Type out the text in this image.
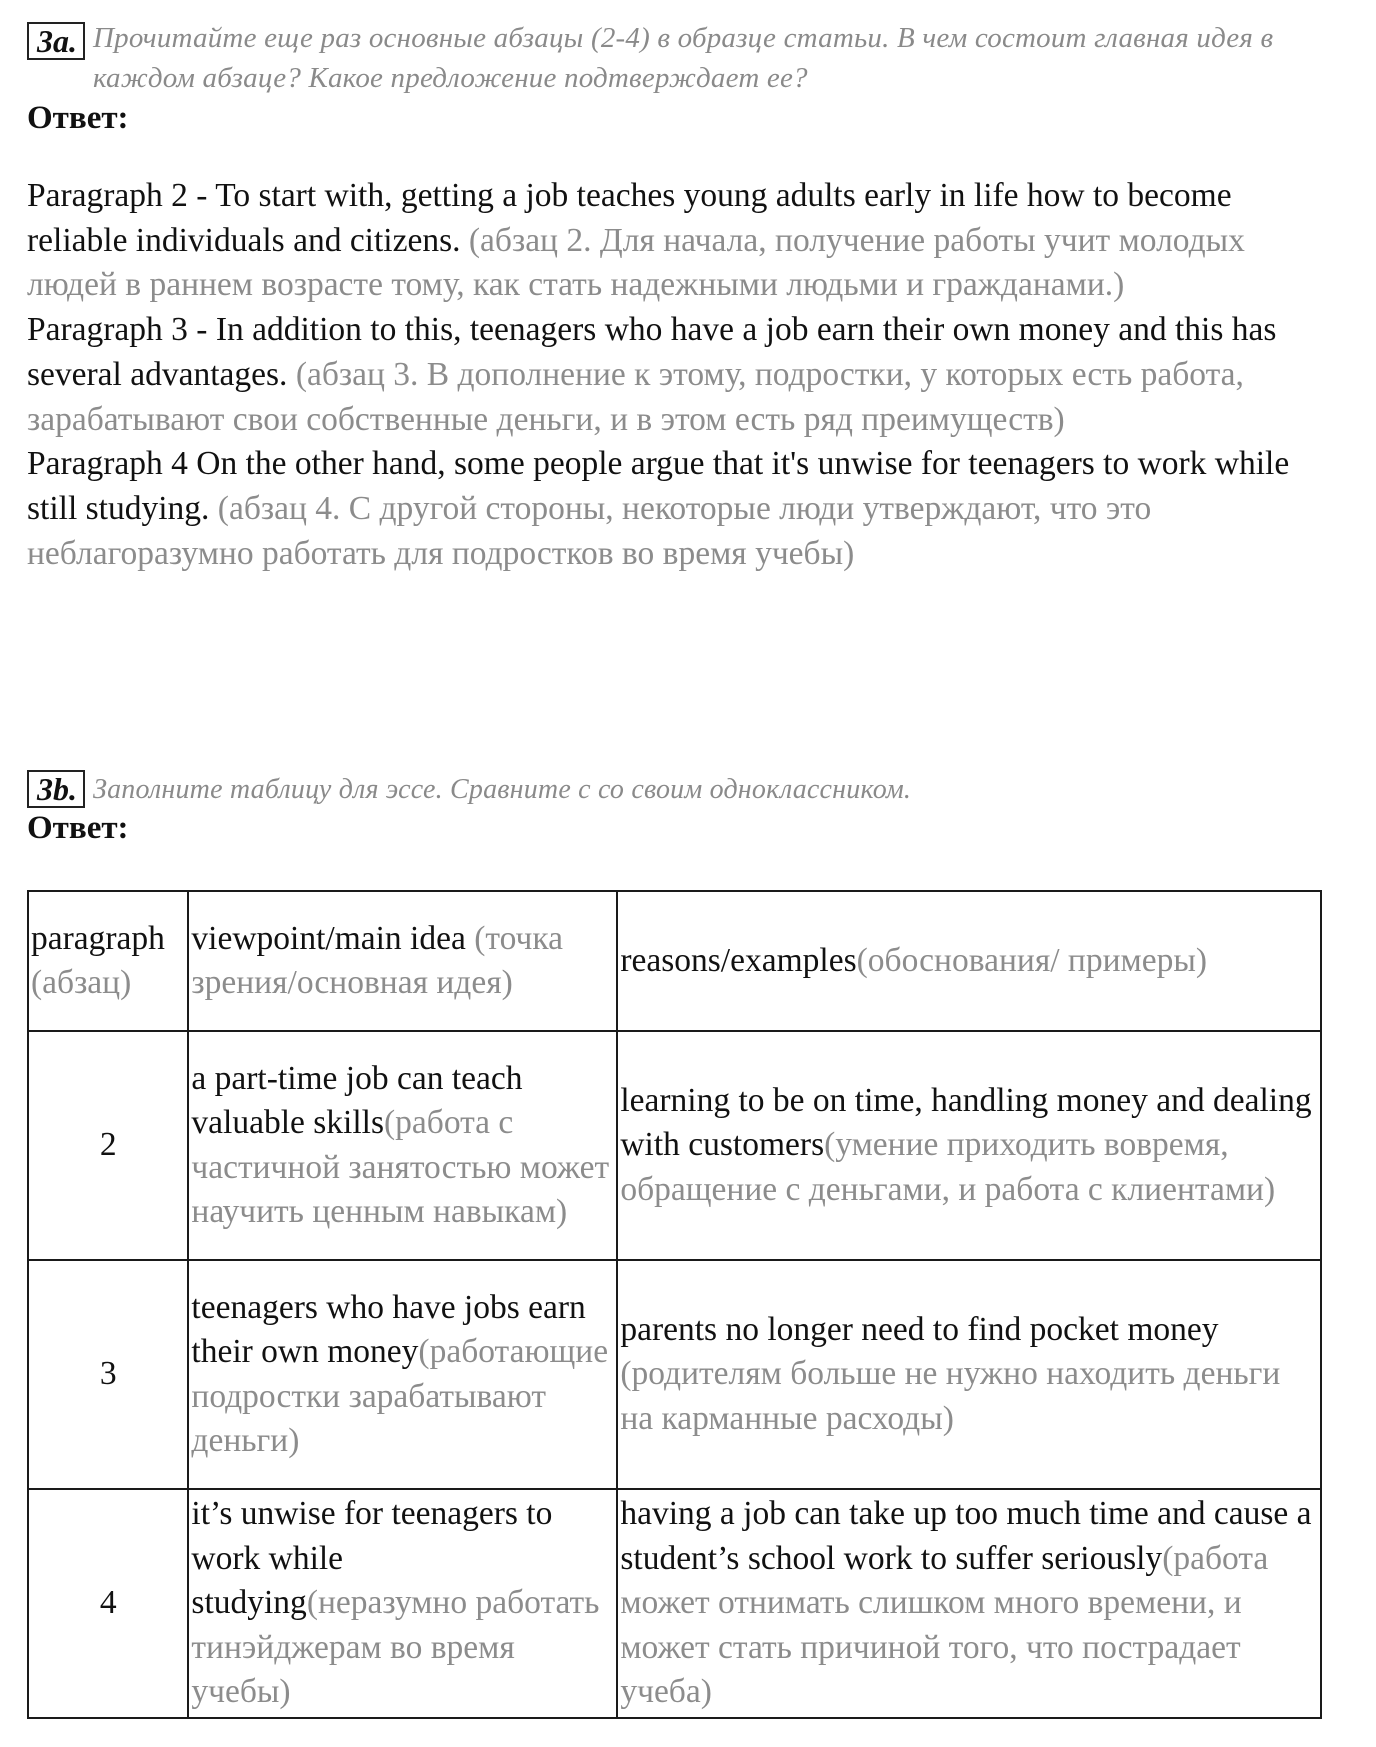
3a. Прочитайте еще раз основные абзацы (2-4) в образце статьи. В чем состоит главная идея в каждом абзаце? Какое предложение подтверждает ее?
Ответ:

Paragraph 2 - To start with, getting a job teaches young adults early in life how to become reliable individuals and citizens. (абзац 2. Для начала, получение работы учит молодых людей в раннем возрасте тому, как стать надежными людьми и гражданами.)

Paragraph 3 - In addition to this, teenagers who have a job earn their own money and this has several advantages. (абзац 3. В дополнение к этому, подростки, у которых есть работа, зарабатывают свои собственные деньги, и в этом есть ряд преимуществ)

Paragraph 4 On the other hand, some people argue that it's unwise for teenagers to work while still studying. (абзац 4. С другой стороны, некоторые люди утверждают, что это неблагоразумно работать для подростков во время учебы)

3b. Заполните таблицу для эссе. Сравните с со своим одноклассником.
Ответ:
paragraph
(абзац)	viewpoint/main idea (точка зрения/основная идея)	reasons/examples(обоснования/ примеры)
2	a part-time job can teach valuable skills(работа с частичной занятостью может научить ценным навыкам)	learning to be on time, handling money and dealing with customers(умение приходить вовремя, обращение с деньгами, и работа с клиентами)
3	teenagers who have jobs earn their own money(работающие подростки зарабатывают деньги)	parents no longer need to find pocket money (родителям больше не нужно находить деньги на карманные расходы)
4	it’s unwise for teenagers to work while studying(неразумно работать тинэйджерам во время учебы)	having a job can take up too much time and cause a student’s school work to suffer seriously(работа может отнимать слишком много времени, и может стать причиной того, что пострадает учеба)
